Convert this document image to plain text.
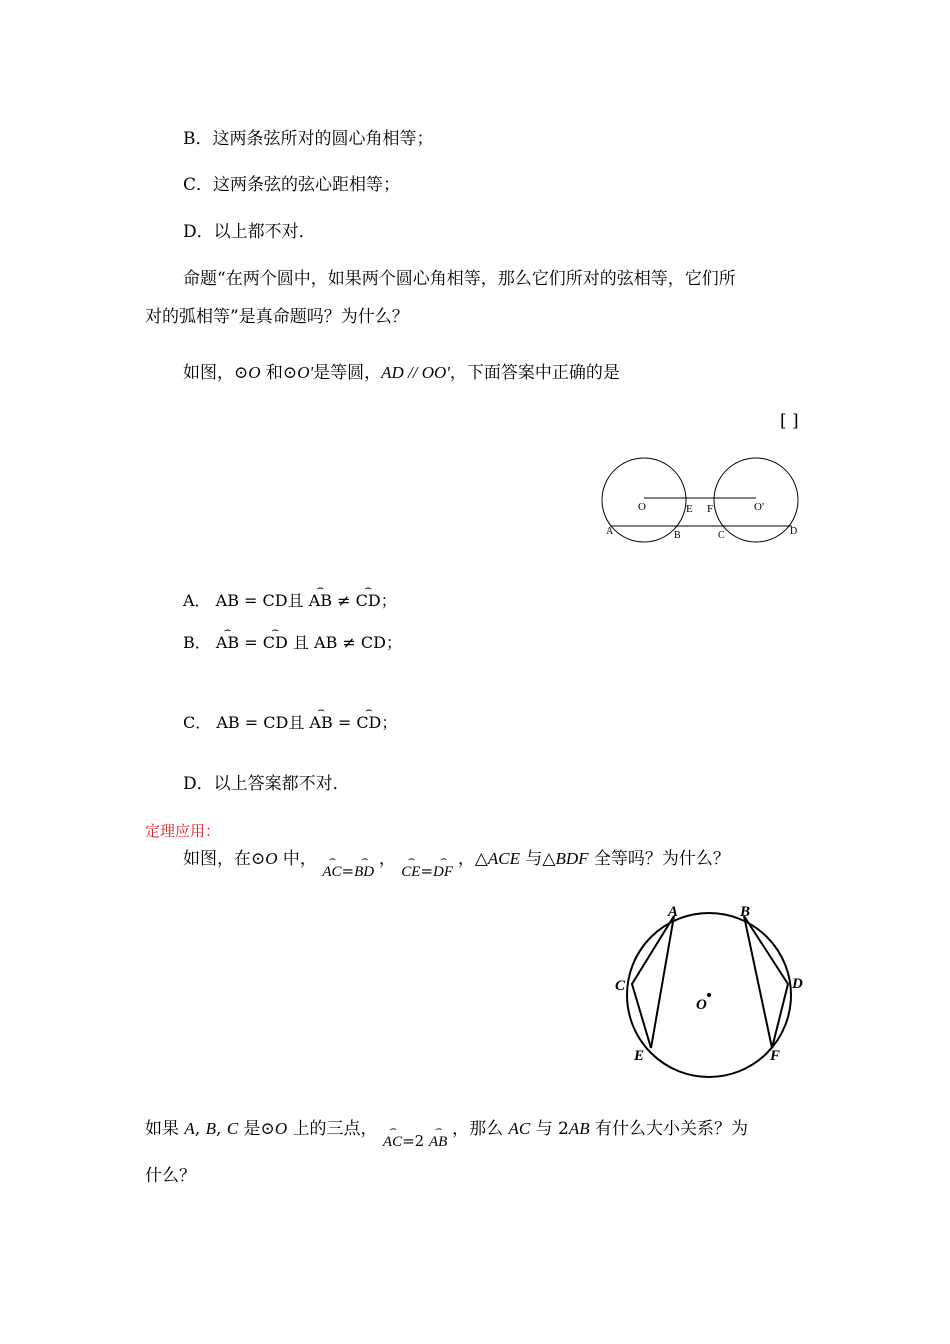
B．这两条弦所对的圆心角相等；
C．这两条弦的弦心距相等；
D．以上都不对．
命题“在两个圆中，如果两个圆心角相等，那么它们所对的弦相等，它们所
对的弧相等”是真命题吗？为什么？
如图，⊙O 和⊙O'是等圆，AD // OO'，下面答案中正确的是
[ ]
O	E F	O'
A	B	C	D
A． AB = CD且 ⌢ AB ≠ ⌢ CD；
B． ⌢ AB = ⌢ CD 且 AB ≠ CD；
C． AB = CD且 ⌢ AB = ⌢ CD；
D．以上答案都不对．
定理应用：
如图，在⊙O 中， ⌢ AC=⌢ BD ， ⌢ CE=⌢ DF ，△ACE 与△BDF 全等吗？为什么？
A	B
C	D
O
E	F
如果 A, B, C 是⊙O 上的三点， ⌢ AC=2 ⌢ AB ，那么 AC 与 2AB 有什么大小关系？为
什么？
